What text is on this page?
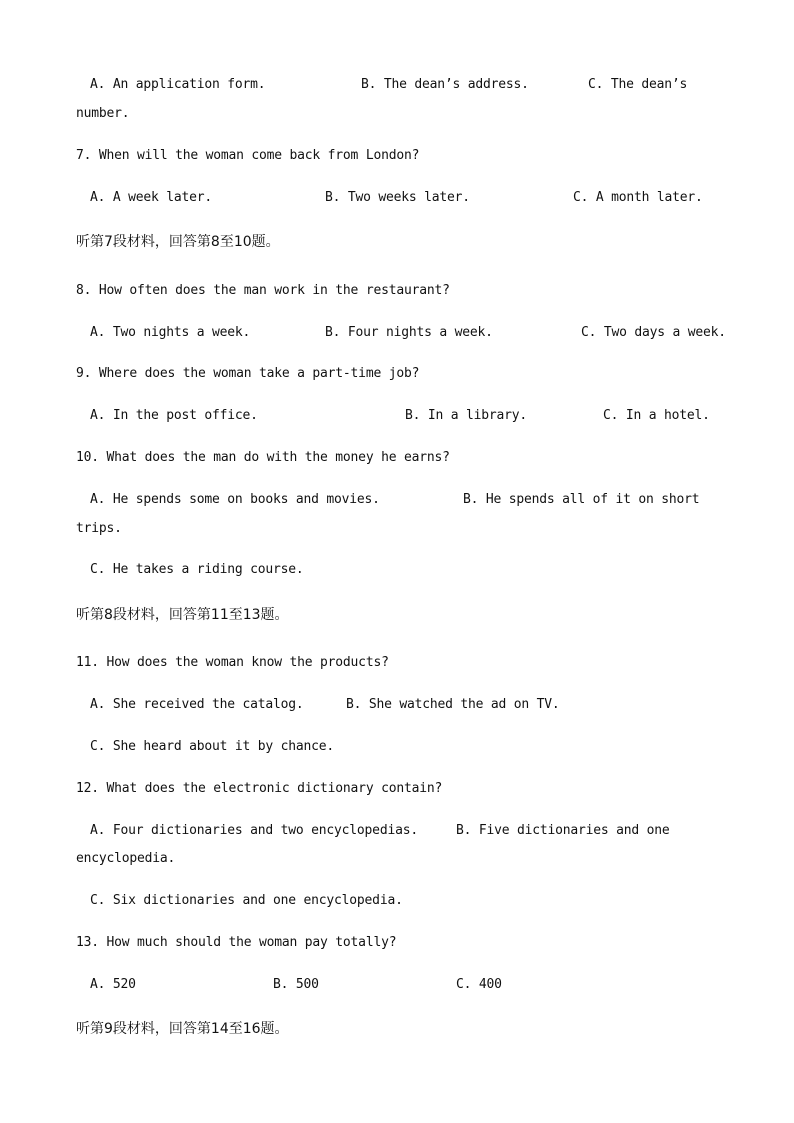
A. An application form.	B. The dean’s address.	C. The dean’s
number.
7. When will the woman come back from London?
A. A week later.	B. Two weeks later.	C. A month later.
听第7段材料，回答第8至10题。
8. How often does the man work in the restaurant?
A. Two nights a week.	B. Four nights a week.	C. Two days a week.
9. Where does the woman take a part-time job?
A. In the post office.	B. In a library.	C. In a hotel.
10. What does the man do with the money he earns?
A. He spends some on books and movies.	B. He spends all of it on short
trips.
C. He takes a riding course.
听第8段材料，回答第11至13题。
11. How does the woman know the products?
A. She received the catalog.	B. She watched the ad on TV.
C. She heard about it by chance.
12. What does the electronic dictionary contain?
A. Four dictionaries and two encyclopedias.	B. Five dictionaries and one
encyclopedia.
C. Six dictionaries and one encyclopedia.
13. How much should the woman pay totally?
A. 520	B. 500	C. 400
听第9段材料，回答第14至16题。
